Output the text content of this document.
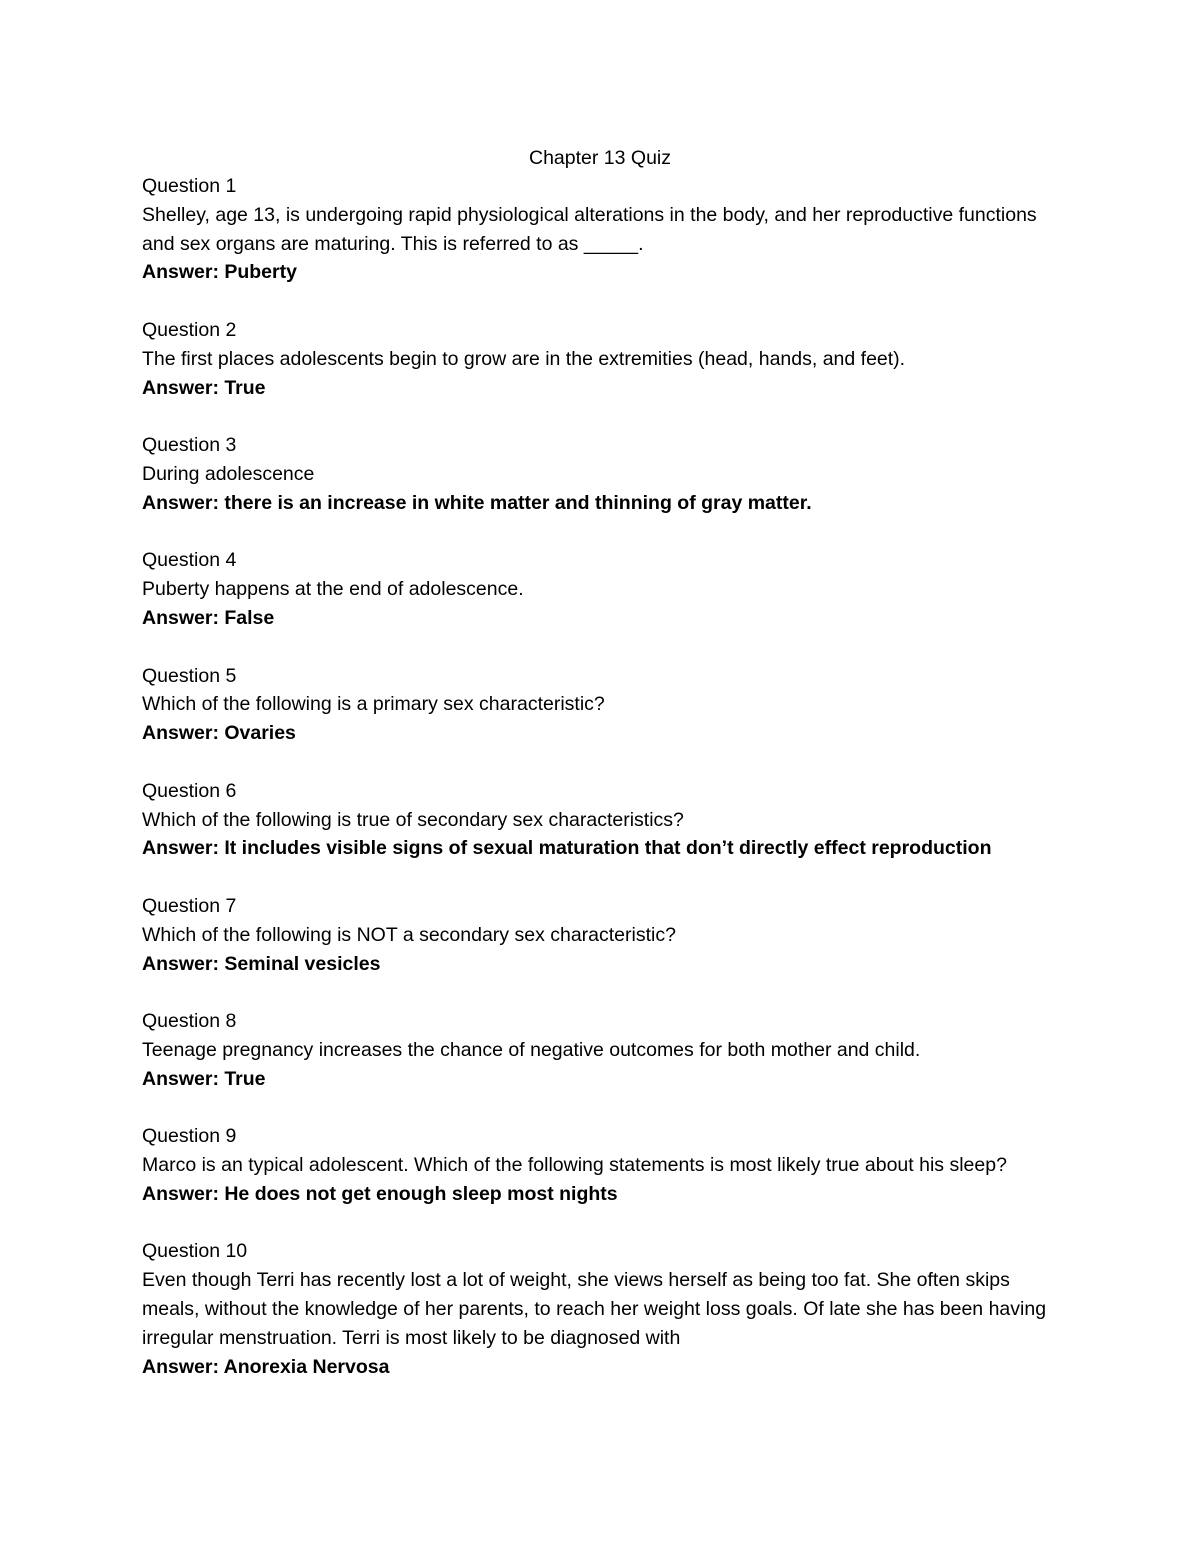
Chapter 13 Quiz
Question 1
Shelley, age 13, is undergoing rapid physiological alterations in the body, and her reproductive functions and sex organs are maturing. This is referred to as _____.
Answer: Puberty
Question 2
The first places adolescents begin to grow are in the extremities (head, hands, and feet).
Answer: True
Question 3
During adolescence
Answer: there is an increase in white matter and thinning of gray matter.
Question 4
Puberty happens at the end of adolescence.
Answer: False
Question 5
Which of the following is a primary sex characteristic?
Answer: Ovaries
Question 6
Which of the following is true of secondary sex characteristics?
Answer: It includes visible signs of sexual maturation that don’t directly effect reproduction
Question 7
Which of the following is NOT a secondary sex characteristic?
Answer: Seminal vesicles
Question 8
Teenage pregnancy increases the chance of negative outcomes for both mother and child.
Answer: True
Question 9
Marco is an typical adolescent. Which of the following statements is most likely true about his sleep?
Answer: He does not get enough sleep most nights
Question 10
Even though Terri has recently lost a lot of weight, she views herself as being too fat. She often skips meals, without the knowledge of her parents, to reach her weight loss goals. Of late she has been having irregular menstruation. Terri is most likely to be diagnosed with
Answer: Anorexia Nervosa
